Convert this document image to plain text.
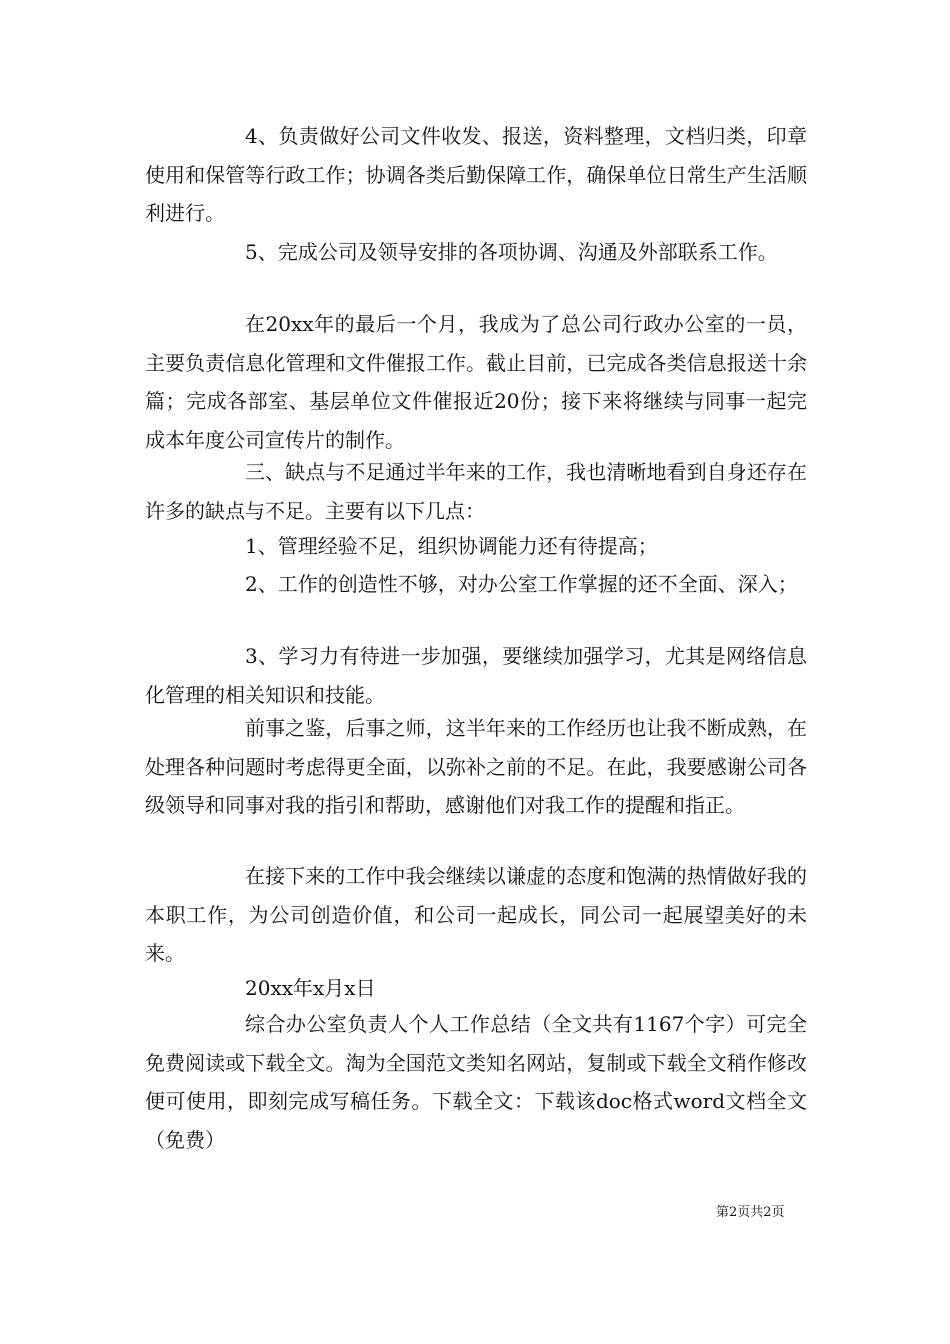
4、负责做好公司文件收发、报送，资料整理，文档归类，印章使用和保管等行政工作；协调各类后勤保障工作，确保单位日常生产生活顺利进行。

5、完成公司及领导安排的各项协调、沟通及外部联系工作。

在20xx年的最后一个月，我成为了总公司行政办公室的一员，主要负责信息化管理和文件催报工作。截止目前，已完成各类信息报送十余篇；完成各部室、基层单位文件催报近20份；接下来将继续与同事一起完成本年度公司宣传片的制作。

三、缺点与不足通过半年来的工作，我也清晰地看到自身还存在许多的缺点与不足。主要有以下几点：

1、管理经验不足，组织协调能力还有待提高；

2、工作的创造性不够，对办公室工作掌握的还不全面、深入；

3、学习力有待进一步加强，要继续加强学习，尤其是网络信息化管理的相关知识和技能。

前事之鉴，后事之师，这半年来的工作经历也让我不断成熟，在处理各种问题时考虑得更全面，以弥补之前的不足。在此，我要感谢公司各级领导和同事对我的指引和帮助，感谢他们对我工作的提醒和指正。

在接下来的工作中我会继续以谦虚的态度和饱满的热情做好我的本职工作，为公司创造价值，和公司一起成长，同公司一起展望美好的未来。

20xx年x月x日

综合办公室负责人个人工作总结（全文共有1167个字）可完全免费阅读或下载全文。淘为全国范文类知名网站，复制或下载全文稍作修改便可使用，即刻完成写稿任务。下载全文：下载该doc格式word文档全文（免费）

第2页共2页
